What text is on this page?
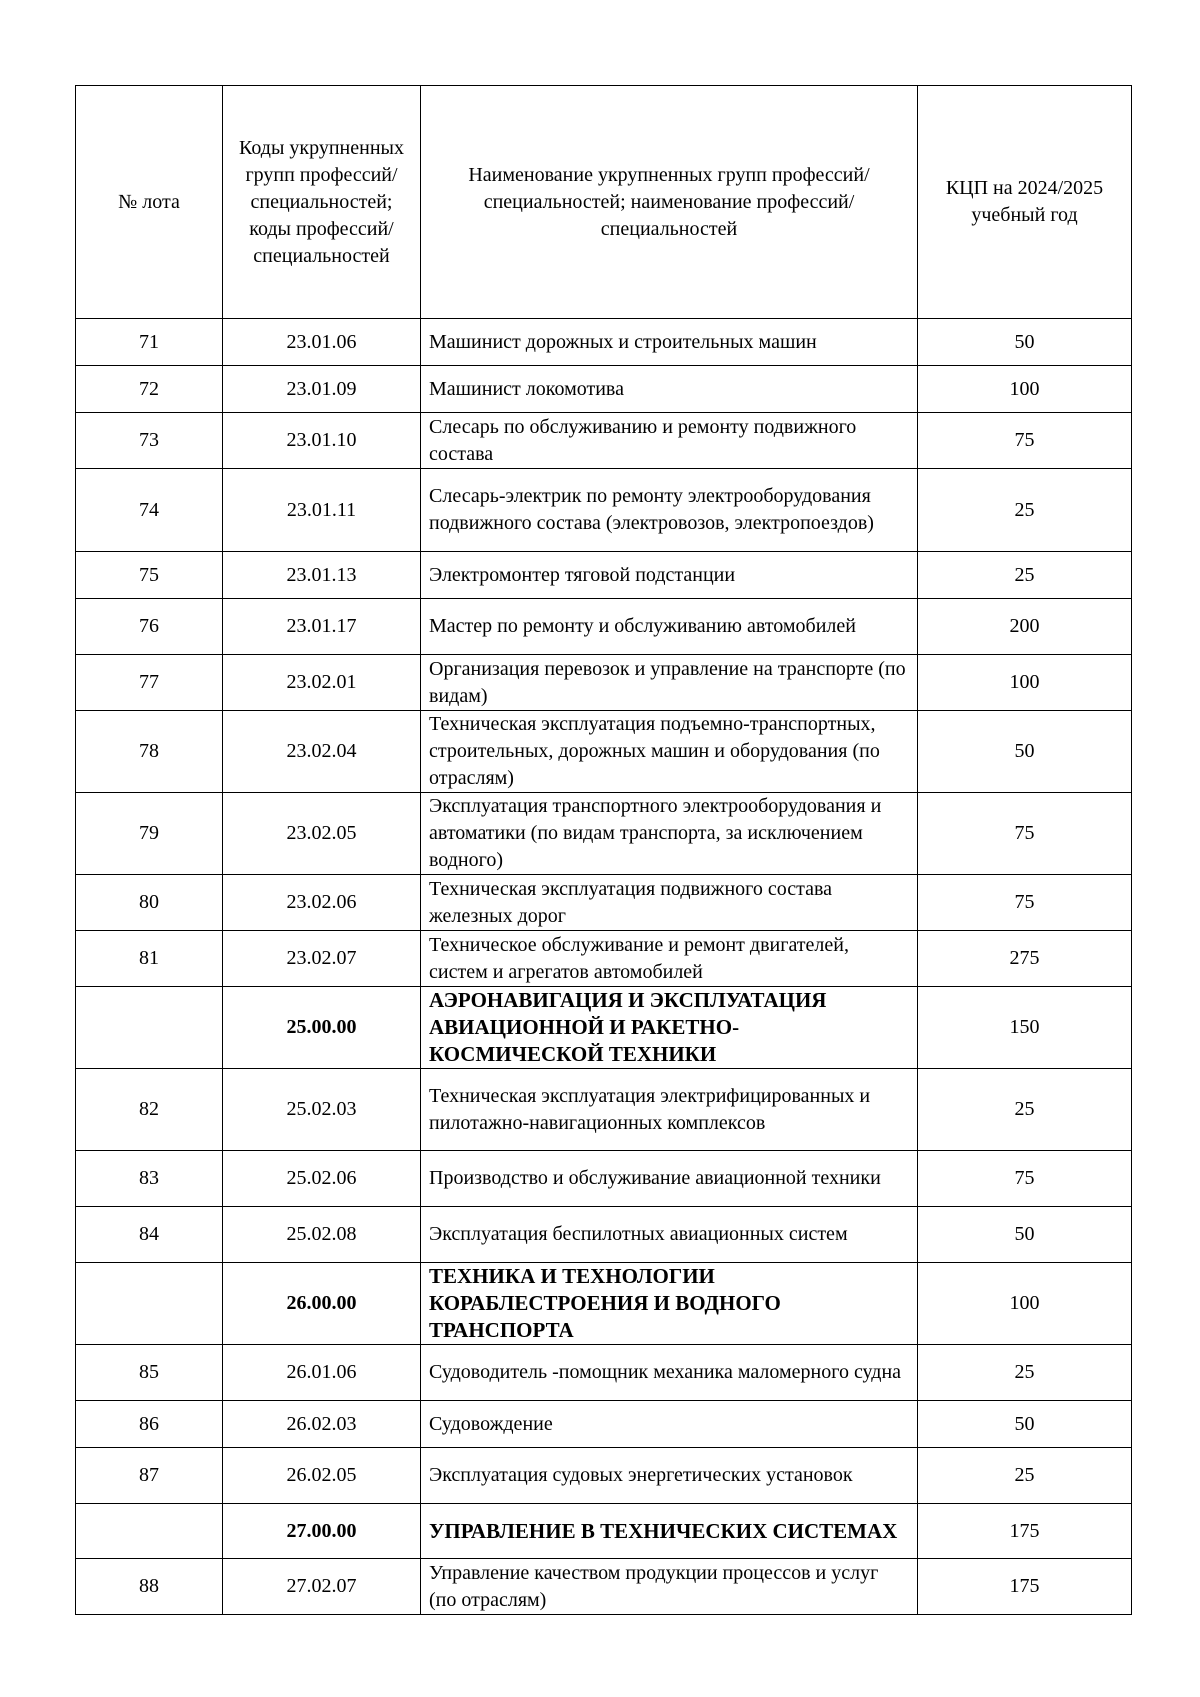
№ лота	Коды укрупненных групп профессий/ специальностей; коды профессий/ специальностей	Наименование укрупненных групп профессий/ специальностей; наименование профессий/ специальностей	КЦП на 2024/2025 учебный год
71	23.01.06	Машинист дорожных и строительных машин	50
72	23.01.09	Машинист локомотива	100
73	23.01.10	Слесарь по обслуживанию и ремонту подвижного состава	75
74	23.01.11	Слесарь-электрик по ремонту электрооборудования подвижного состава (электровозов, электропоездов)	25
75	23.01.13	Электромонтер тяговой подстанции	25
76	23.01.17	Мастер по ремонту и обслуживанию автомобилей	200
77	23.02.01	Организация перевозок и управление на транспорте (по видам)	100
78	23.02.04	Техническая эксплуатация подъемно-транспортных, строительных, дорожных машин и оборудования (по отраслям)	50
79	23.02.05	Эксплуатация транспортного электрооборудования и автоматики (по видам транспорта, за исключением водного)	75
80	23.02.06	Техническая эксплуатация подвижного состава железных дорог	75
81	23.02.07	Техническое обслуживание и ремонт двигателей, систем и агрегатов автомобилей	275
	25.00.00	АЭРОНАВИГАЦИЯ И ЭКСПЛУАТАЦИЯ АВИАЦИОННОЙ И РАКЕТНО-КОСМИЧЕСКОЙ ТЕХНИКИ	150
82	25.02.03	Техническая эксплуатация электрифицированных и пилотажно-навигационных комплексов	25
83	25.02.06	Производство и обслуживание авиационной техники	75
84	25.02.08	Эксплуатация беспилотных авиационных систем	50
	26.00.00	ТЕХНИКА И ТЕХНОЛОГИИ КОРАБЛЕСТРОЕНИЯ И ВОДНОГО ТРАНСПОРТА	100
85	26.01.06	Судоводитель -помощник механика маломерного судна	25
86	26.02.03	Судовождение	50
87	26.02.05	Эксплуатация судовых энергетических установок	25
	27.00.00	УПРАВЛЕНИЕ В ТЕХНИЧЕСКИХ СИСТЕМАХ	175
88	27.02.07	Управление качеством продукции процессов и услуг (по отраслям)	175
